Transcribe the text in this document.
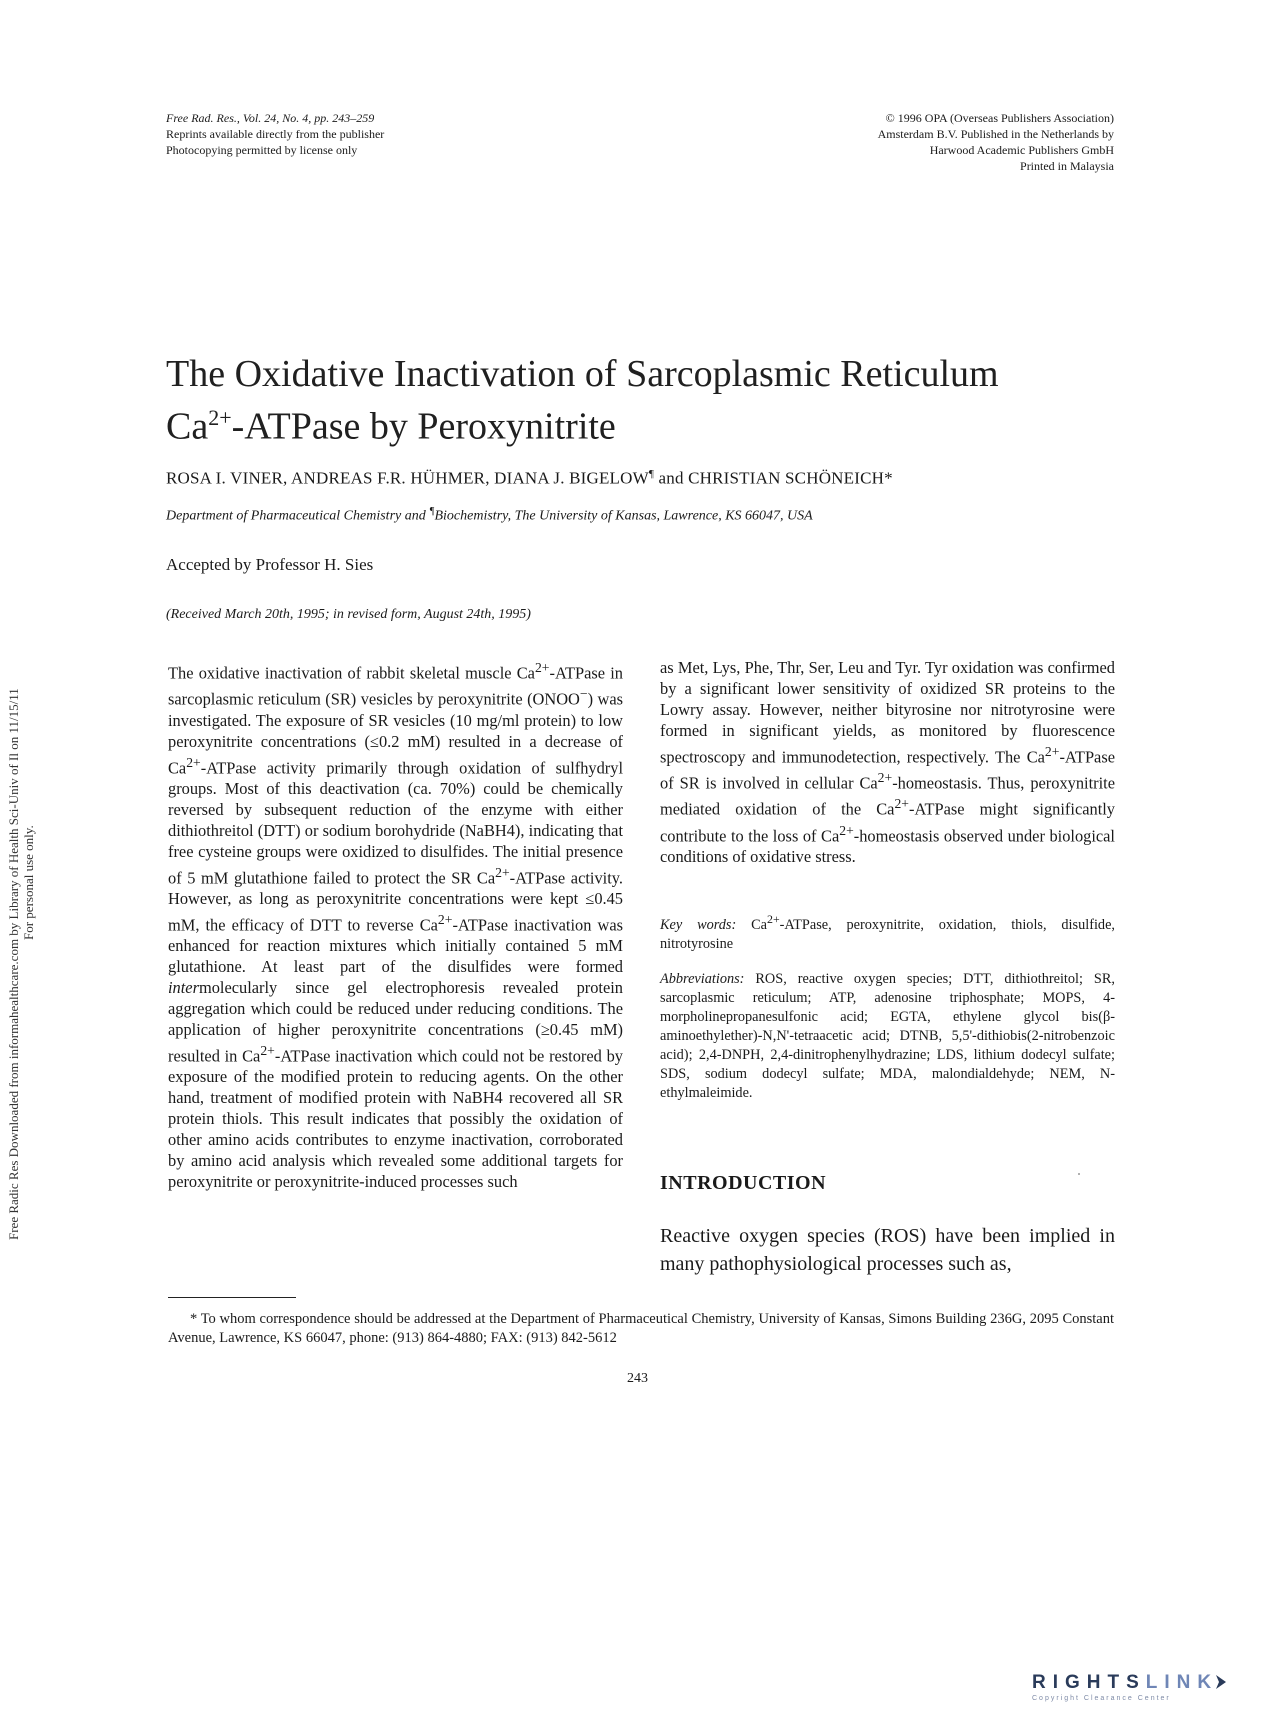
Free Rad. Res., Vol. 24, No. 4, pp. 243–259
Reprints available directly from the publisher
Photocopying permitted by license only
© 1996 OPA (Overseas Publishers Association)
Amsterdam B.V. Published in the Netherlands by
Harwood Academic Publishers GmbH
Printed in Malaysia
Free Radic Res Downloaded from informahealthcare.com by Library of Health Sci-Univ of Il on 11/15/11 For personal use only.
The Oxidative Inactivation of Sarcoplasmic Reticulum
$Ca^{2+}$-ATPase by Peroxynitrite
ROSA I. VINER, ANDREAS F.R. HÜHMER, DIANA J. BIGELOW¶ and CHRISTIAN SCHÖNEICH*
Department of Pharmaceutical Chemistry and ¶Biochemistry, The University of Kansas, Lawrence, KS 66047, USA
Accepted by Professor H. Sies
(Received March 20th, 1995; in revised form, August 24th, 1995)
The oxidative inactivation of rabbit skeletal muscle $Ca^{2+}$-ATPase in sarcoplasmic reticulum (SR) vesicles by peroxynitrite (ONOO−) was investigated. The exposure of SR vesicles (10 mg/ml protein) to low peroxynitrite concentrations (≤0.2 mM) resulted in a decrease of $Ca^{2+}$-ATPase activity primarily through oxidation of sulfhydryl groups. Most of this deactivation (ca. 70%) could be chemically reversed by subsequent reduction of the enzyme with either dithiothreitol (DTT) or sodium borohydride (NaBH4), indicating that free cysteine groups were oxidized to disulfides. The initial presence of 5 mM glutathione failed to protect the SR $Ca^{2+}$-ATPase activity. However, as long as peroxynitrite concentrations were kept ≤0.45 mM, the efficacy of DTT to reverse $Ca^{2+}$-ATPase inactivation was enhanced for reaction mixtures which initially contained 5 mM glutathione. At least part of the disulfides were formed intermolecularly since gel electrophoresis revealed protein aggregation which could be reduced under reducing conditions. The application of higher peroxynitrite concentrations (≥0.45 mM) resulted in $Ca^{2+}$-ATPase inactivation which could not be restored by exposure of the modified protein to reducing agents. On the other hand, treatment of modified protein with NaBH4 recovered all SR protein thiols. This result indicates that possibly the oxidation of other amino acids contributes to enzyme inactivation, corroborated by amino acid analysis which revealed some additional targets for peroxynitrite or peroxynitrite-induced processes such
as Met, Lys, Phe, Thr, Ser, Leu and Tyr. Tyr oxidation was confirmed by a significant lower sensitivity of oxidized SR proteins to the Lowry assay. However, neither bityrosine nor nitrotyrosine were formed in significant yields, as monitored by fluorescence spectroscopy and immunodetection, respectively. The $Ca^{2+}$-ATPase of SR is involved in cellular $Ca^{2+}$-homeostasis. Thus, peroxynitrite mediated oxidation of the $Ca^{2+}$-ATPase might significantly contribute to the loss of $Ca^{2+}$-homeostasis observed under biological conditions of oxidative stress.
Key words: $Ca^{2+}$-ATPase, peroxynitrite, oxidation, thiols, disulfide, nitrotyrosine
Abbreviations: ROS, reactive oxygen species; DTT, dithiothreitol; SR, sarcoplasmic reticulum; ATP, adenosine triphosphate; MOPS, 4-morpholinepropanesulfonic acid; EGTA, ethylene glycol bis(β-aminoethylether)-N,N'-tetraacetic acid; DTNB, 5,5'-dithiobis(2-nitrobenzoic acid); 2,4-DNPH, 2,4-dinitrophenylhydrazine; LDS, lithium dodecyl sulfate; SDS, sodium dodecyl sulfate; MDA, malondialdehyde; NEM, N-ethylmaleimide.
INTRODUCTION
Reactive oxygen species (ROS) have been implied in many pathophysiological processes such as,
* To whom correspondence should be addressed at the Department of Pharmaceutical Chemistry, University of Kansas, Simons Building 236G, 2095 Constant Avenue, Lawrence, KS 66047, phone: (913) 864-4880; FAX: (913) 842-5612
243
RIGHTSLINK
Copyright Clearance Center
